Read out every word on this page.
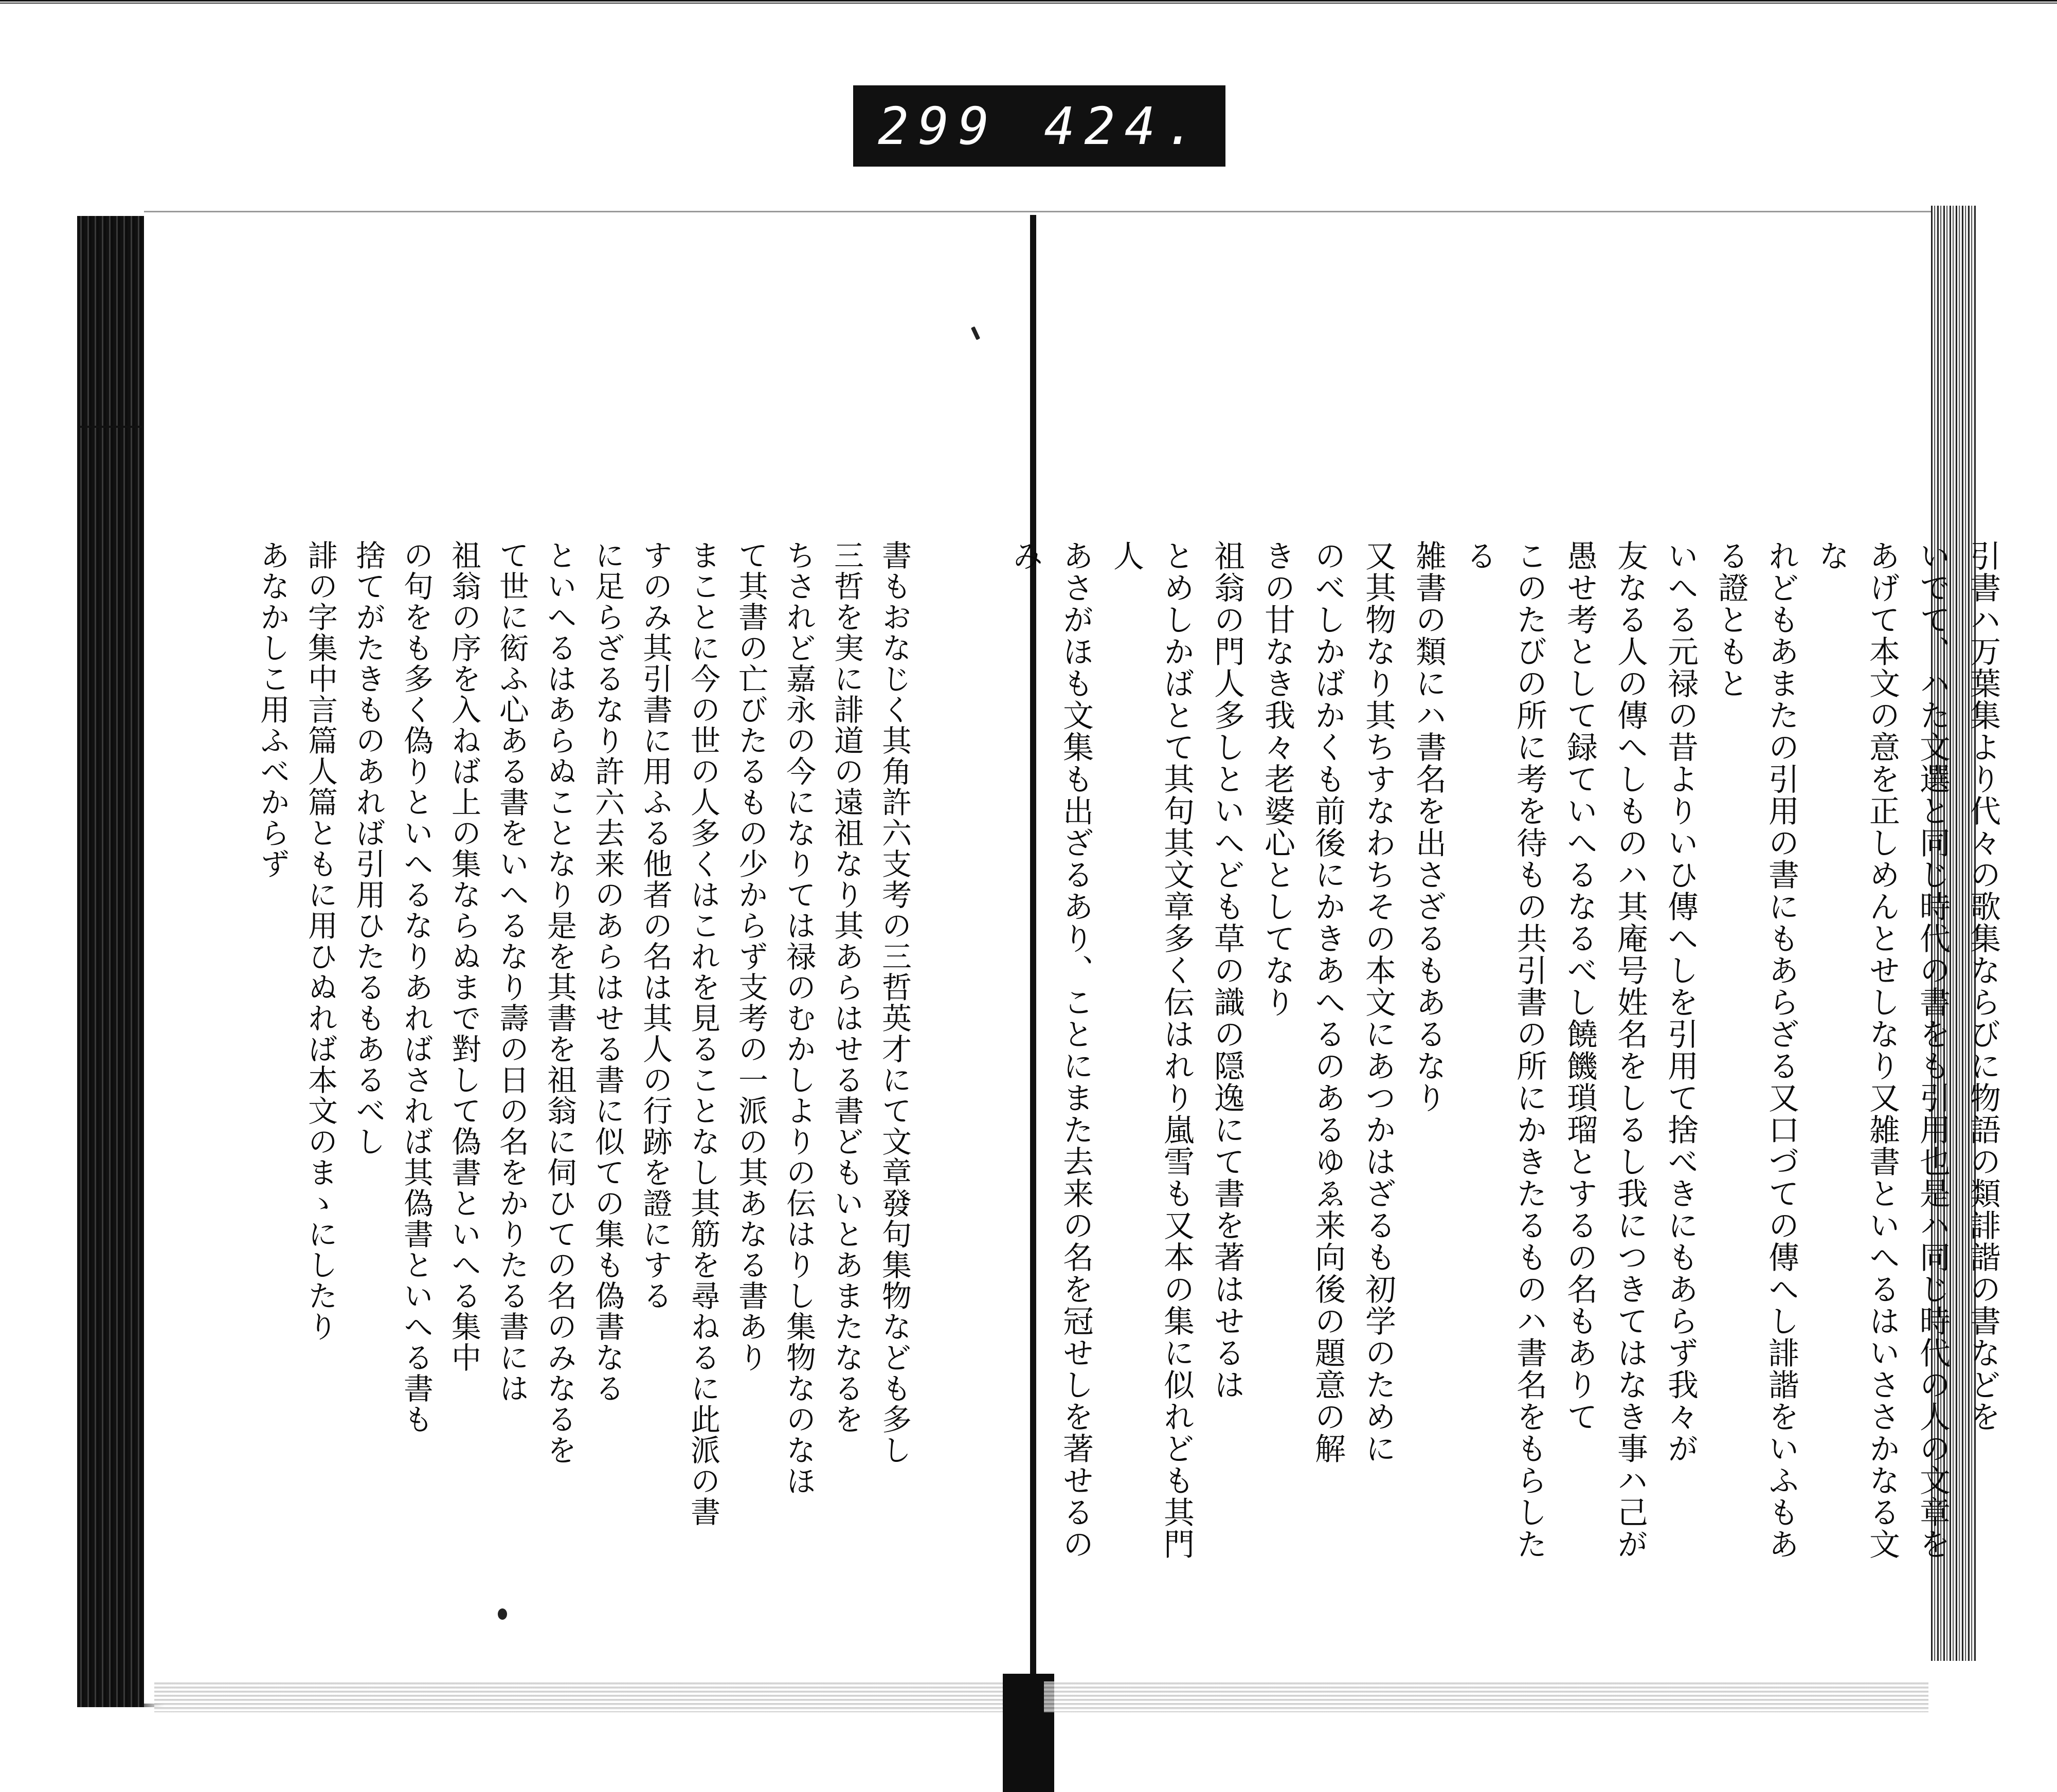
299 424.

引書ハ万葉集より代々の歌集ならびに物語の類誹諧の書などを

いでて、ハた文選と同じ時代の書をも引用也是ハ同じ時代の人の文章を

あげて本文の意を正しめんとせしなり又雑書といへるはいささかなる文な

れどもあまたの引用の書にもあらざる又口づての傳へし誹諧をいふもある證ともと

いへる元禄の昔よりいひ傳へしを引用て捨べきにもあらず我々が

友なる人の傳へしものハ其庵号姓名をしるし我につきてはなき事ハ己が

愚せ考として録ていへるなるべし饒饑瑣瑠とするの名もありて

このたびの所に考を待もの共引書の所にかきたるものハ書名をもらしたる

雑書の類にハ書名を出さざるもあるなり

又其物なり其ちすなわちその本文にあつかはざるも初学のために

のべしかばかくも前後にかきあへるのあるゆゑ来向後の題意の解

きの甘なき我々老婆心としてなり

祖翁の門人多しといへども草の識の隠逸にて書を著はせるは

とめしかばとて其句其文章多く伝はれり嵐雪も又本の集に似れども其門人

あさがほも文集も出ざるあり、ことにまた去来の名を冠せしを著せるのみ

書もおなじく其角許六支考の三哲英才にて文章發句集物なども多し

三哲を実に誹道の遠祖なり其あらはせる書どもいとあまたなるを

ちされど嘉永の今になりては禄のむかしよりの伝はりし集物なのなほ

て其書の亡びたるもの少からず支考の一派の其あなる書あり

まことに今の世の人多くはこれを見ることなし其筋を尋ねるに此派の書

すのみ其引書に用ふる他者の名は其人の行跡を證にする

に足らざるなり許六去来のあらはせる書に似ての集も偽書なる

といへるはあらぬことなり是を其書を祖翁に伺ひての名のみなるを

て世に衒ふ心ある書をいへるなり壽の日の名をかりたる書には

祖翁の序を入ねば上の集ならぬまで對して偽書といへる集中

の句をも多く偽りといへるなりあればされば其偽書といへる書も

捨てがたきものあれば引用ひたるもあるべし

誹の字集中言篇人篇ともに用ひぬれば本文のまゝにしたり

あなかしこ用ふべからず
